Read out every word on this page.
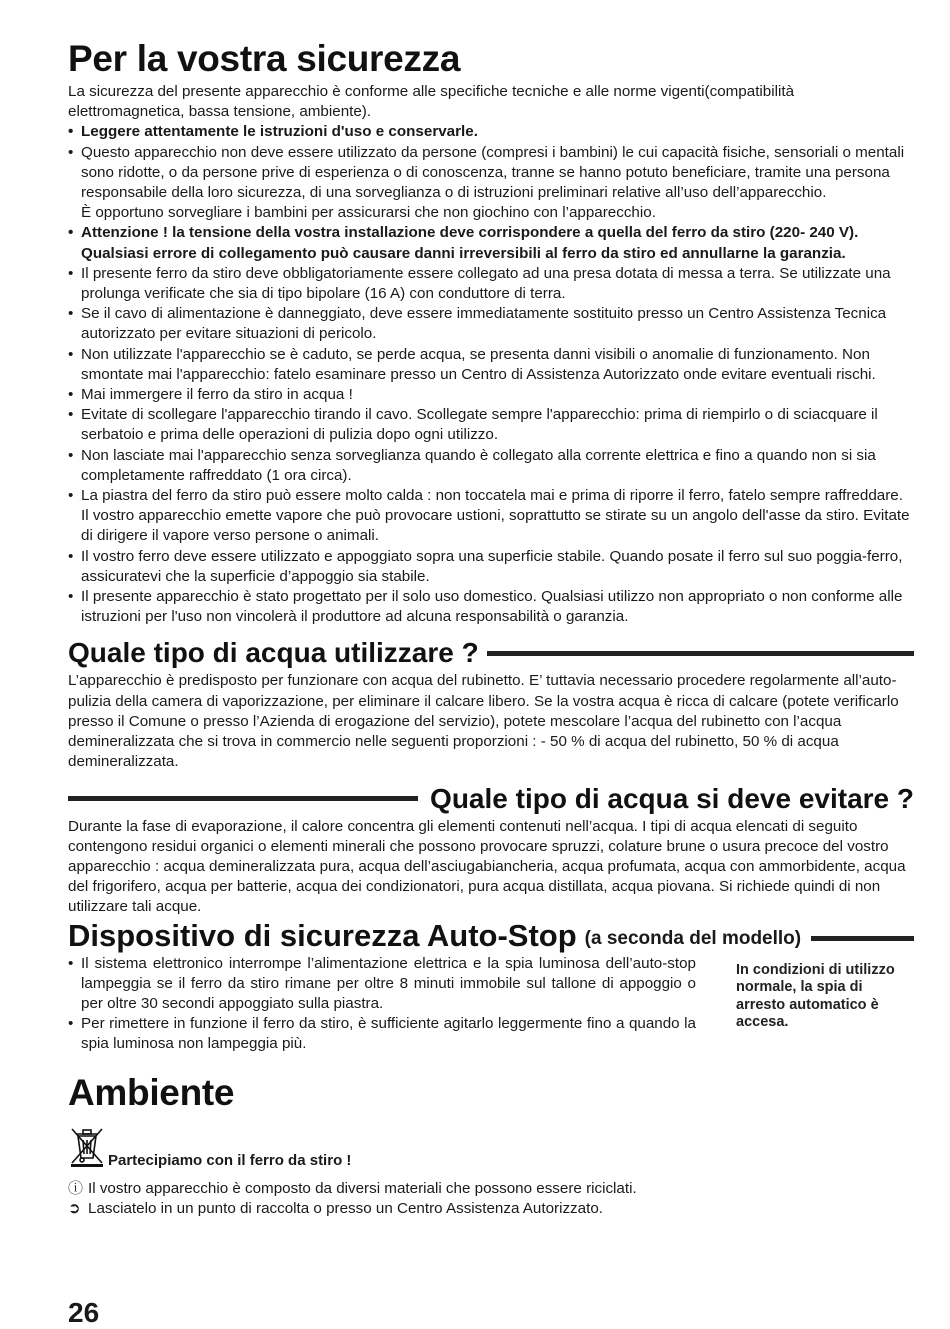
Per la vostra sicurezza

La sicurezza del presente apparecchio è conforme alle specifiche tecniche e alle norme vigenti(compatibilità elettromagnetica, bassa tensione, ambiente).

• Leggere attentamente le istruzioni d'uso e conservarle.
• Questo apparecchio non deve essere utilizzato da persone (compresi i bambini) le cui capacità fisiche, sensoriali o mentali sono ridotte, o da persone prive di esperienza o di conoscenza, tranne se hanno potuto beneficiare, tramite una persona responsabile della loro sicurezza, di una sorveglianza o di istruzioni preliminari relative all’uso dell’apparecchio.
È opportuno sorvegliare i bambini per assicurarsi che non giochino con l’apparecchio.
• Attenzione ! la tensione della vostra installazione deve corrispondere a quella del ferro da stiro (220- 240 V). Qualsiasi errore di collegamento può causare danni irreversibili al ferro da stiro ed annullarne la garanzia.
• Il presente ferro da stiro deve obbligatoriamente essere collegato ad una presa dotata di messa a terra. Se utilizzate una prolunga verificate che sia di tipo bipolare (16 A) con conduttore di terra.
• Se il cavo di alimentazione è danneggiato, deve essere immediatamente sostituito presso un Centro Assistenza Tecnica autorizzato per evitare situazioni di pericolo.
• Non utilizzate l'apparecchio se è caduto, se perde acqua, se presenta danni visibili o anomalie di funzionamento. Non smontate mai l'apparecchio: fatelo esaminare presso un Centro di Assistenza Autorizzato onde evitare eventuali rischi.
• Mai immergere il ferro da stiro in acqua !
• Evitate di scollegare l'apparecchio tirando il cavo. Scollegate sempre l'apparecchio: prima di riempirlo o di sciacquare il serbatoio e prima delle operazioni di pulizia dopo ogni utilizzo.
• Non lasciate mai l'apparecchio senza sorveglianza quando è collegato alla corrente elettrica e fino a quando non si sia completamente raffreddato (1 ora circa).
• La piastra del ferro da stiro può essere molto calda : non toccatela mai e prima di riporre il ferro, fatelo sempre raffreddare. Il vostro apparecchio emette vapore che può provocare ustioni, soprattutto se stirate su un angolo dell'asse da stiro. Evitate di dirigere il vapore verso persone o animali.
• Il vostro ferro deve essere utilizzato e appoggiato sopra una superficie stabile. Quando posate il ferro sul suo poggia-ferro, assicuratevi che la superficie d’appoggio sia stabile.
• Il presente apparecchio è stato progettato per il solo uso domestico. Qualsiasi utilizzo non appropriato o non conforme alle istruzioni per l'uso non vincolerà il produttore ad alcuna responsabilità o garanzia.
Quale tipo di acqua utilizzare ?

L’apparecchio è predisposto per funzionare con acqua del rubinetto. E’ tuttavia necessario procedere regolarmente all’auto-pulizia della camera di vaporizzazione, per eliminare il calcare libero. Se la vostra acqua è ricca di calcare (potete verificarlo presso il Comune o presso l’Azienda di erogazione del servizio), potete mescolare l’acqua del rubinetto con l’acqua demineralizzata che si trova in commercio nelle seguenti proporzioni : - 50 % di acqua del rubinetto, 50 % di acqua demineralizzata.

Quale tipo di acqua si deve evitare ?

Durante la fase di evaporazione, il calore concentra gli elementi contenuti nell’acqua. I tipi di acqua elencati di seguito contengono residui organici o elementi minerali che possono provocare spruzzi, colature brune o usura precoce del vostro apparecchio : acqua demineralizzata pura, acqua dell’asciugabiancheria, acqua profumata, acqua con ammorbidente, acqua del frigorifero, acqua per batterie, acqua dei condizionatori, pura acqua distillata, acqua piovana. Si richiede quindi di non utilizzare tali acque.

Dispositivo di sicurezza Auto-Stop (a seconda del modello)
• Il sistema elettronico interrompe l’alimentazione elettrica e la spia luminosa dell’auto-stop lampeggia se il ferro da stiro rimane per oltre 8 minuti immobile sul tallone di appoggio o per oltre 30 secondi appoggiato sulla piastra.
• Per rimettere in funzione il ferro da stiro, è sufficiente agitarlo leggermente fino a quando la spia luminosa non lampeggia più.
In condizioni di utilizzo normale, la spia di arresto automatico è accesa.
Ambiente
Partecipiamo con il ferro da stiro !
ⓘ Il vostro apparecchio è composto da diversi materiali che possono essere riciclati.
➲ Lasciatelo in un punto di raccolta o presso un Centro Assistenza Autorizzato.
26
